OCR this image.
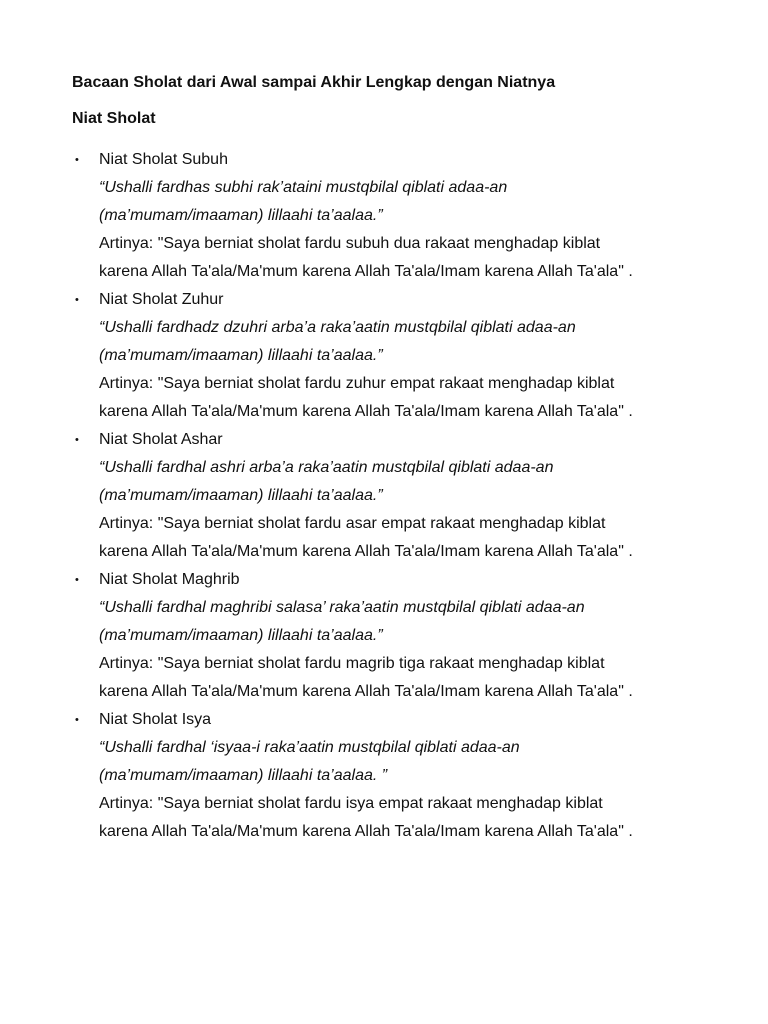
Bacaan Sholat dari Awal sampai Akhir Lengkap dengan Niatnya
Niat Sholat
• Niat Sholat Subuh
“Ushalli fardhas subhi rak’ataini mustqbilal qiblati adaa-an
(ma’mumam/imaaman) lillaahi ta’aalaa.”
Artinya: "Saya berniat sholat fardu subuh dua rakaat menghadap kiblat
karena Allah Ta'ala/Ma'mum karena Allah Ta'ala/Imam karena Allah Ta'ala" .
• Niat Sholat Zuhur
“Ushalli fardhadz dzuhri arba’a raka’aatin mustqbilal qiblati adaa-an
(ma’mumam/imaaman) lillaahi ta’aalaa.”
Artinya: "Saya berniat sholat fardu zuhur empat rakaat menghadap kiblat
karena Allah Ta'ala/Ma'mum karena Allah Ta'ala/Imam karena Allah Ta'ala" .
• Niat Sholat Ashar
“Ushalli fardhal ashri arba’a raka’aatin mustqbilal qiblati adaa-an
(ma’mumam/imaaman) lillaahi ta’aalaa.”
Artinya: "Saya berniat sholat fardu asar empat rakaat menghadap kiblat
karena Allah Ta'ala/Ma'mum karena Allah Ta'ala/Imam karena Allah Ta'ala" .
• Niat Sholat Maghrib
“Ushalli fardhal maghribi salasa’ raka’aatin mustqbilal qiblati adaa-an
(ma’mumam/imaaman) lillaahi ta’aalaa.”
Artinya: "Saya berniat sholat fardu magrib tiga rakaat menghadap kiblat
karena Allah Ta'ala/Ma'mum karena Allah Ta'ala/Imam karena Allah Ta'ala" .
• Niat Sholat Isya
“Ushalli fardhal ‘isyaa-i raka’aatin mustqbilal qiblati adaa-an
(ma’mumam/imaaman) lillaahi ta’aalaa. ”
Artinya: "Saya berniat sholat fardu isya empat rakaat menghadap kiblat
karena Allah Ta'ala/Ma'mum karena Allah Ta'ala/Imam karena Allah Ta'ala" .
